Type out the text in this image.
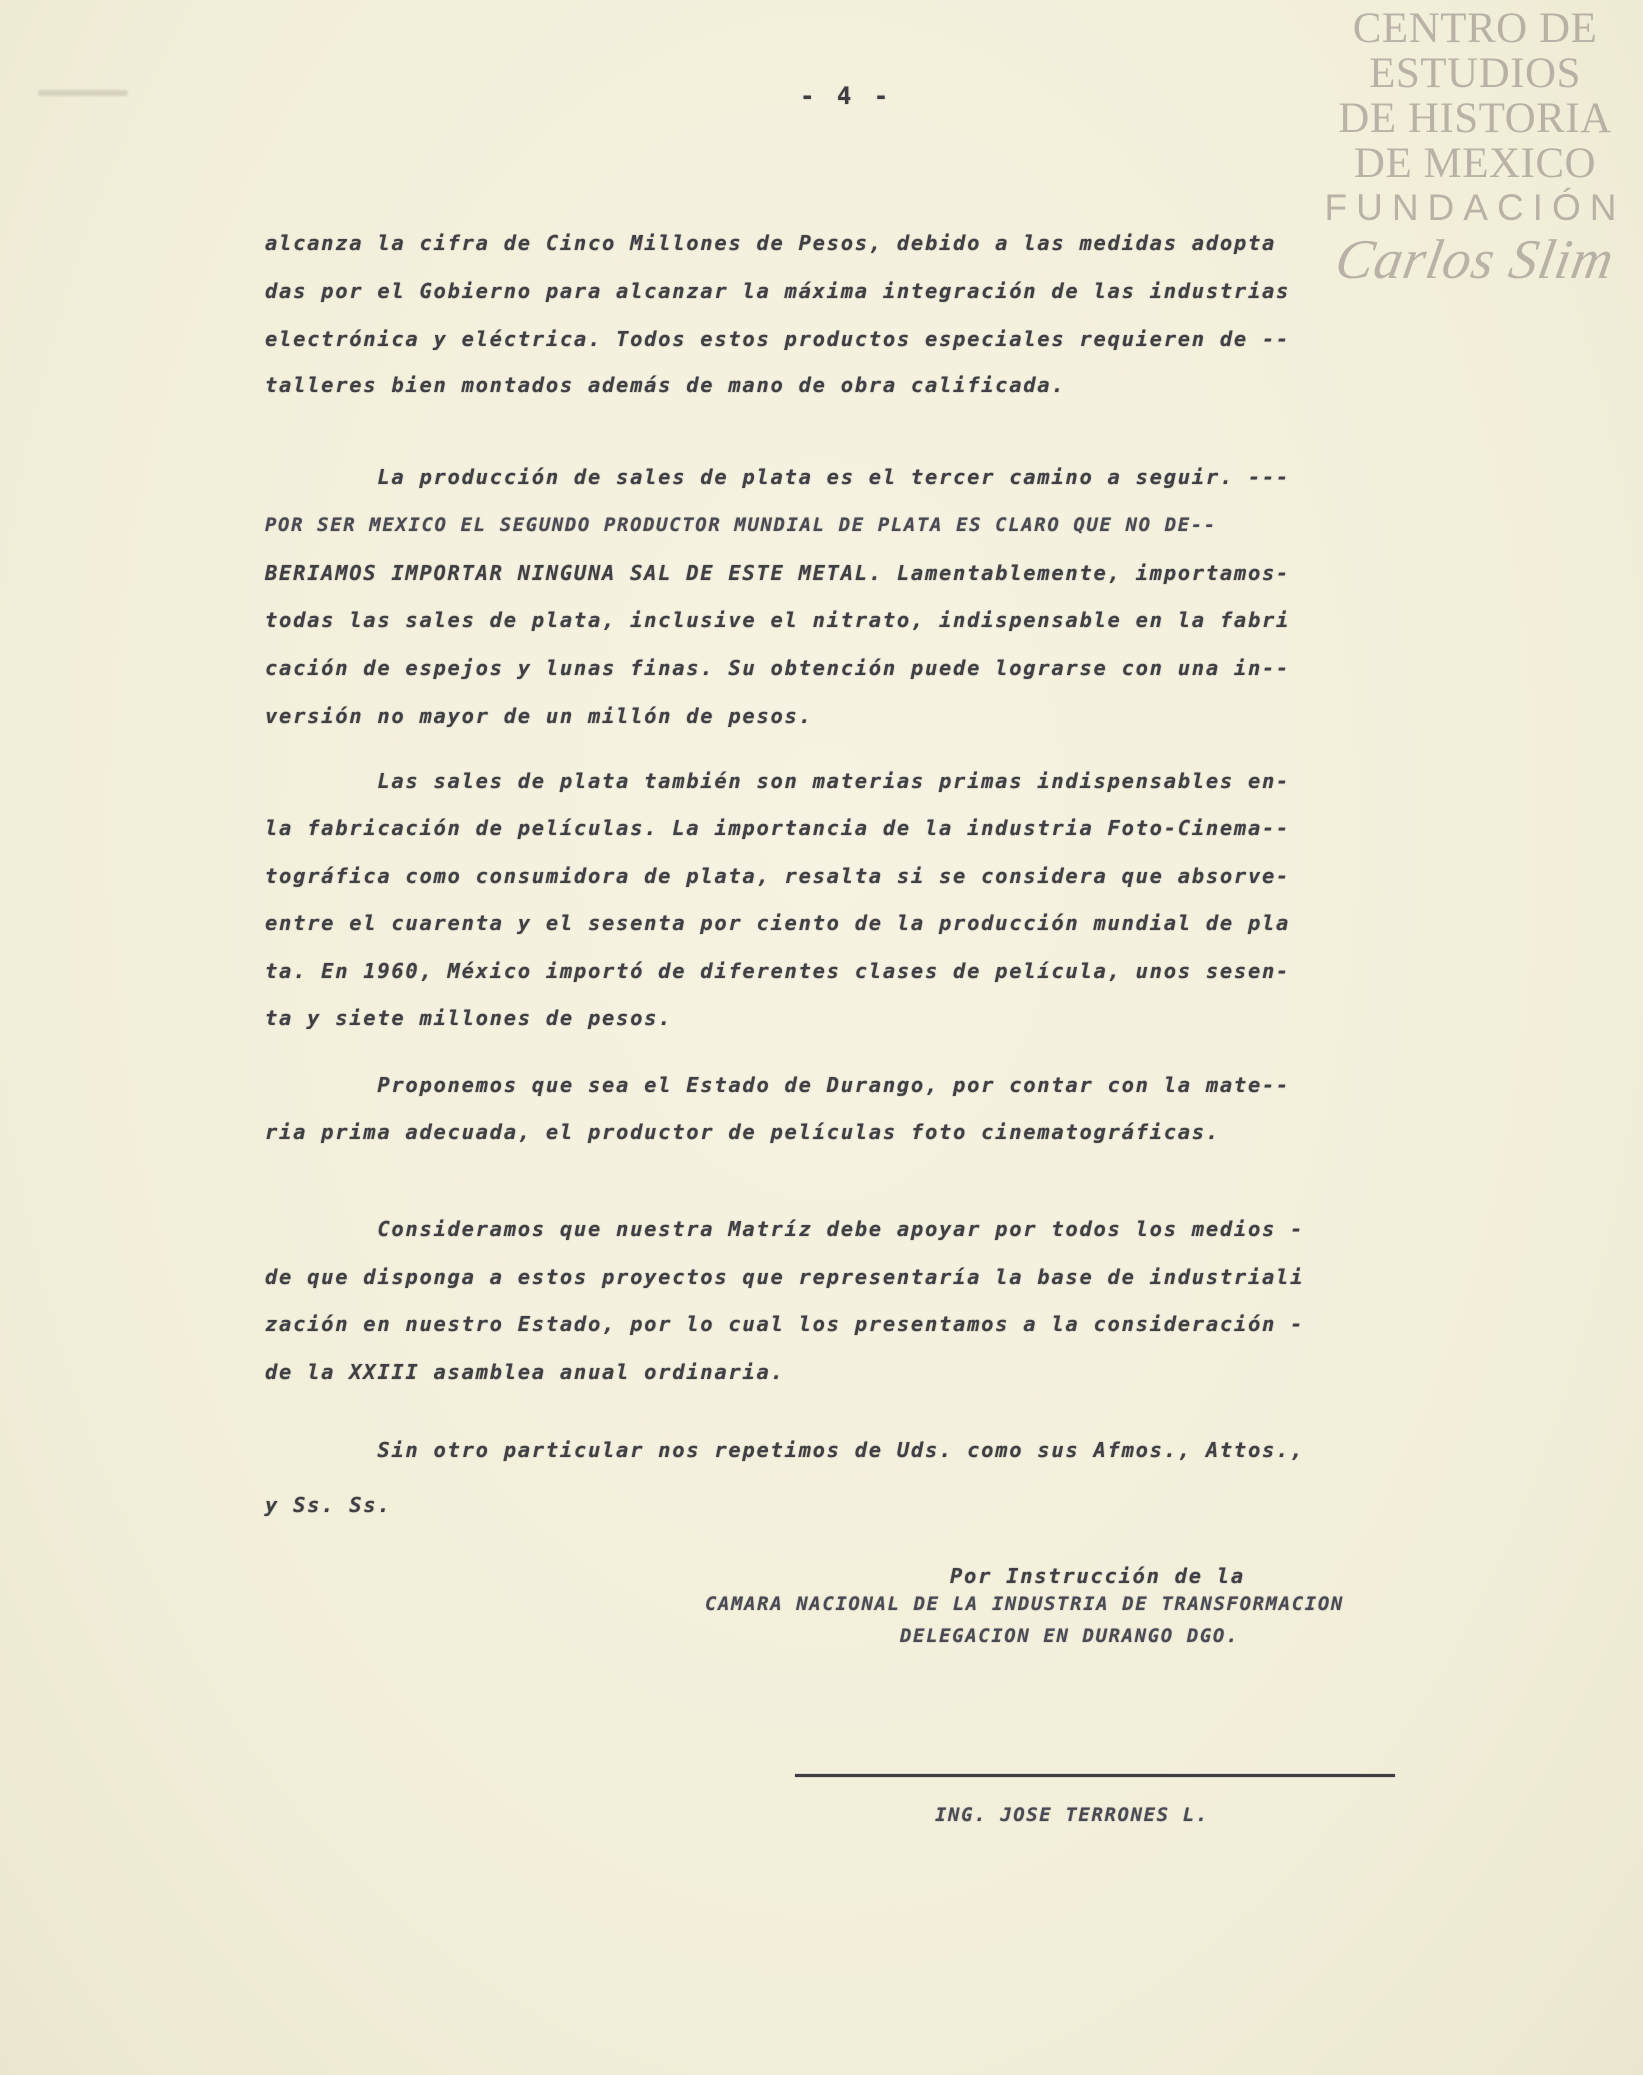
- 4 -
CENTRO DE
ESTUDIOS
DE HISTORIA
DE MEXICO
FUNDACIÓN
Carlos Slim
alcanza la cifra de Cinco Millones de Pesos, debido a las medidas adopta
das por el Gobierno para alcanzar la máxima integración de las industrias
electrónica y eléctrica. Todos estos productos especiales requieren de --
talleres bien montados además de mano de obra calificada.
La producción de sales de plata es el tercer camino a seguir. ---
POR SER MEXICO EL SEGUNDO PRODUCTOR MUNDIAL DE PLATA ES CLARO QUE NO DE--
BERIAMOS IMPORTAR NINGUNA SAL DE ESTE METAL. Lamentablemente, importamos-
todas las sales de plata, inclusive el nitrato, indispensable en la fabri
cación de espejos y lunas finas. Su obtención puede lograrse con una in--
versión no mayor de un millón de pesos.
Las sales de plata también son materias primas indispensables en-
la fabricación de películas. La importancia de la industria Foto-Cinema--
tográfica como consumidora de plata, resalta si se considera que absorve-
entre el cuarenta y el sesenta por ciento de la producción mundial de pla
ta. En 1960, México importó de diferentes clases de película, unos sesen-
ta y siete millones de pesos.
Proponemos que sea el Estado de Durango, por contar con la mate--
ria prima adecuada, el productor de películas foto cinematográficas.
Consideramos que nuestra Matríz debe apoyar por todos los medios -
de que disponga a estos proyectos que representaría la base de industriali
zación en nuestro Estado, por lo cual los presentamos a la consideración -
de la XXIII asamblea anual ordinaria.
Sin otro particular nos repetimos de Uds. como sus Afmos., Attos.,
y Ss. Ss.
Por Instrucción de la
CAMARA NACIONAL DE LA INDUSTRIA DE TRANSFORMACION
DELEGACION EN DURANGO DGO.
ING. JOSE TERRONES L.
